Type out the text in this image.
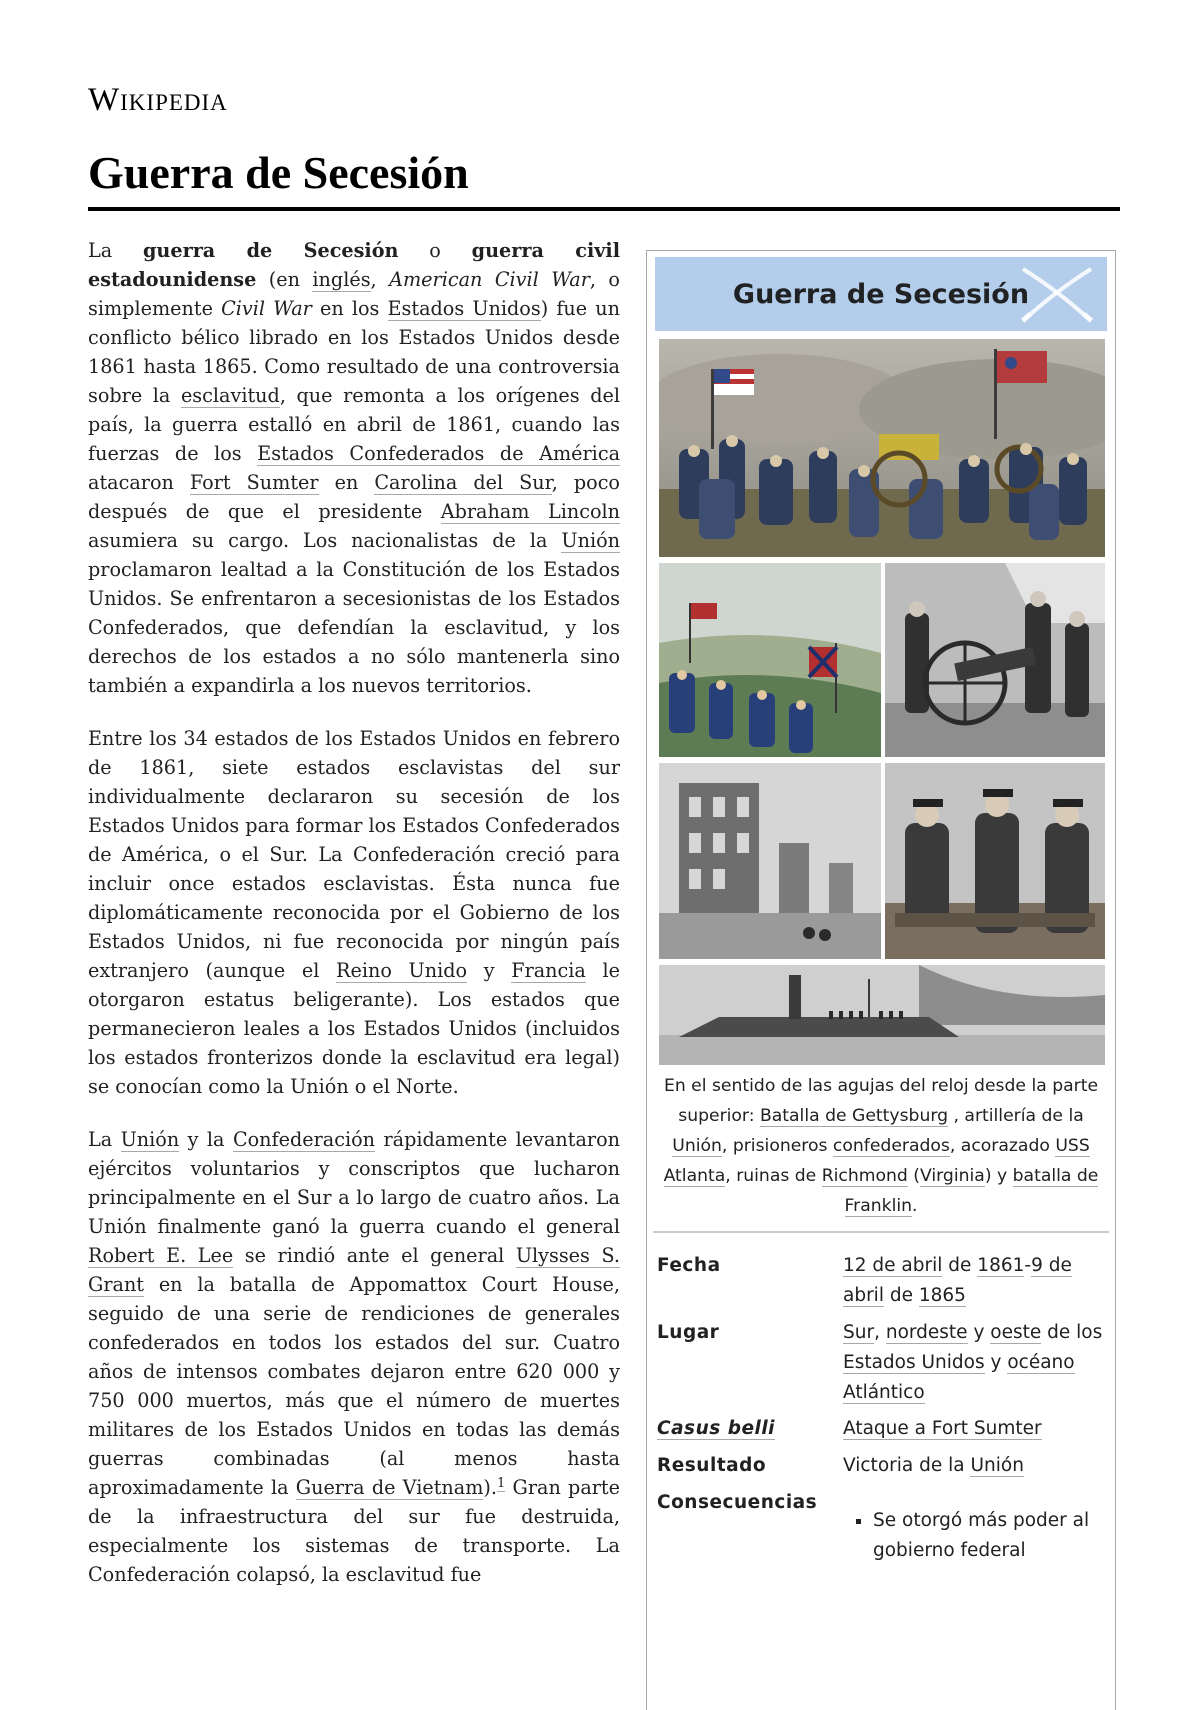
Wikipedia
Guerra de Secesión

La guerra de Secesión o guerra civil estadounidense (en inglés, American Civil War, o simplemente Civil War en los Estados Unidos) fue un conflicto bélico librado en los Estados Unidos desde 1861 hasta 1865. Como resultado de una controversia sobre la esclavitud, que remonta a los orígenes del país, la guerra estalló en abril de 1861, cuando las fuerzas de los Estados Confederados de América atacaron Fort Sumter en Carolina del Sur, poco después de que el presidente Abraham Lincoln asumiera su cargo. Los nacionalistas de la Unión proclamaron lealtad a la Constitución de los Estados Unidos. Se enfrentaron a secesionistas de los Estados Confederados, que defendían la esclavitud, y los derechos de los estados a no sólo mantenerla sino también a expandirla a los nuevos territorios.

Entre los 34 estados de los Estados Unidos en febrero de 1861, siete estados esclavistas del sur individualmente declararon su secesión de los Estados Unidos para formar los Estados Confederados de América, o el Sur. La Confederación creció para incluir once estados esclavistas. Ésta nunca fue diplomáticamente reconocida por el Gobierno de los Estados Unidos, ni fue reconocida por ningún país extranjero (aunque el Reino Unido y Francia le otorgaron estatus beligerante). Los estados que permanecieron leales a los Estados Unidos (incluidos los estados fronterizos donde la esclavitud era legal) se conocían como la Unión o el Norte.

La Unión y la Confederación rápidamente levantaron ejércitos voluntarios y conscriptos que lucharon principalmente en el Sur a lo largo de cuatro años. La Unión finalmente ganó la guerra cuando el general Robert E. Lee se rindió ante el general Ulysses S. Grant en la batalla de Appomattox Court House, seguido de una serie de rendiciones de generales confederados en todos los estados del sur. Cuatro años de intensos combates dejaron entre 620 000 y 750 000 muertos, más que el número de muertes militares de los Estados Unidos en todas las demás guerras combinadas (al menos hasta aproximadamente la Guerra de Vietnam).$^1$ Gran parte de la infraestructura del sur fue destruida, especialmente los sistemas de transporte. La Confederación colapsó, la esclavitud fue

Guerra de Secesión
En el sentido de las agujas del reloj desde la parte superior: Batalla de Gettysburg , artillería de la Unión, prisioneros confederados, acorazado USS Atlanta, ruinas de Richmond (Virginia) y batalla de Franklin.
Fecha	12 de abril de 1861-9 de abril de 1865
Lugar	Sur, nordeste y oeste de los Estados Unidos y océano Atlántico
Casus belli	Ataque a Fort Sumter
Resultado	Victoria de la Unión
Consecuencias
▪ Se otorgó más poder al gobierno federal
